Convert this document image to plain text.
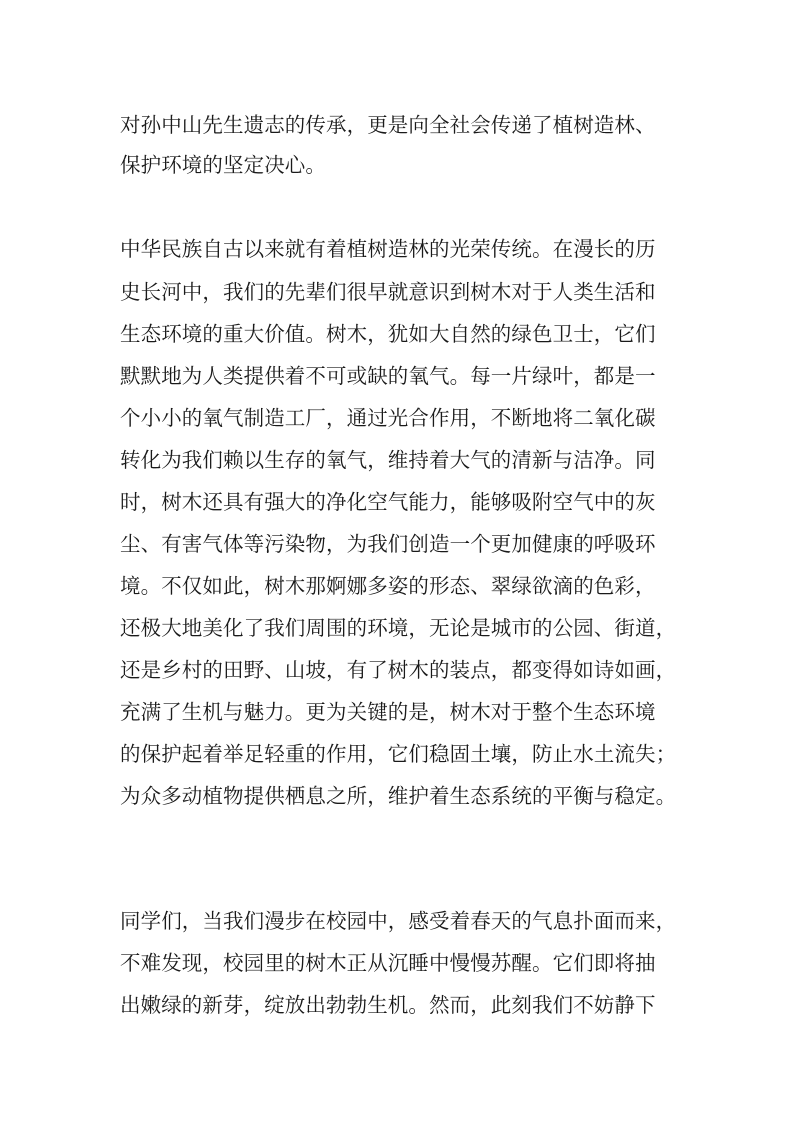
对孙中山先生遗志的传承，更是向全社会传递了植树造林、

保护环境的坚定决心。

中华民族自古以来就有着植树造林的光荣传统。在漫长的历

史长河中，我们的先辈们很早就意识到树木对于人类生活和

生态环境的重大价值。树木，犹如大自然的绿色卫士，它们

默默地为人类提供着不可或缺的氧气。每一片绿叶，都是一

个小小的氧气制造工厂，通过光合作用，不断地将二氧化碳

转化为我们赖以生存的氧气，维持着大气的清新与洁净。同

时，树木还具有强大的净化空气能力，能够吸附空气中的灰

尘、有害气体等污染物，为我们创造一个更加健康的呼吸环

境。不仅如此，树木那婀娜多姿的形态、翠绿欲滴的色彩，

还极大地美化了我们周围的环境，无论是城市的公园、街道，

还是乡村的田野、山坡，有了树木的装点，都变得如诗如画，

充满了生机与魅力。更为关键的是，树木对于整个生态环境

的保护起着举足轻重的作用，它们稳固土壤，防止水土流失；

为众多动植物提供栖息之所，维护着生态系统的平衡与稳定。

同学们，当我们漫步在校园中，感受着春天的气息扑面而来，

不难发现，校园里的树木正从沉睡中慢慢苏醒。它们即将抽

出嫩绿的新芽，绽放出勃勃生机。然而，此刻我们不妨静下
